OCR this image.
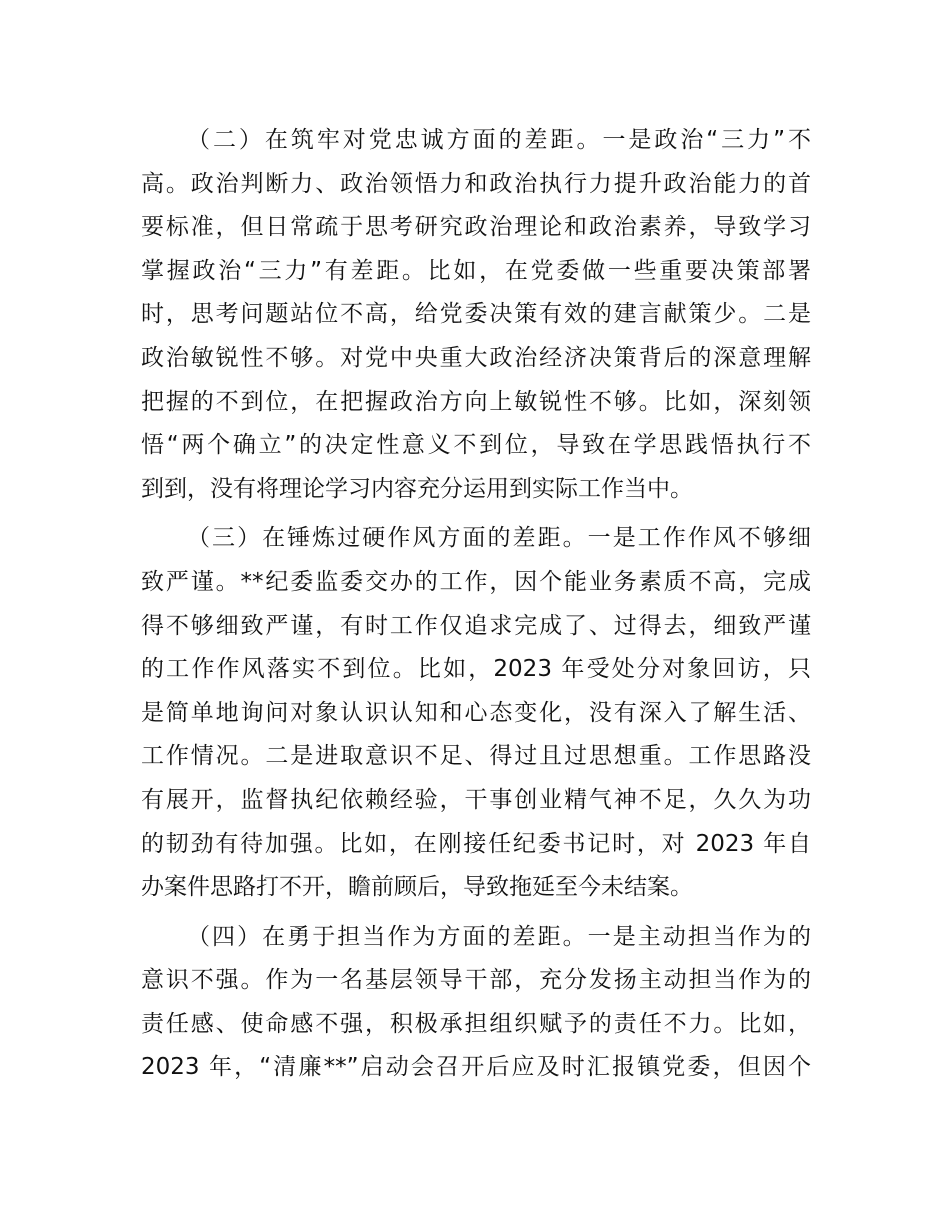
（二）在筑牢对党忠诚方面的差距。一是政治“三力”不
高。政治判断力、政治领悟力和政治执行力提升政治能力的首
要标准，但日常疏于思考研究政治理论和政治素养，导致学习
掌握政治“三力”有差距。比如，在党委做一些重要决策部署
时，思考问题站位不高，给党委决策有效的建言献策少。二是
政治敏锐性不够。对党中央重大政治经济决策背后的深意理解
把握的不到位，在把握政治方向上敏锐性不够。比如，深刻领
悟“两个确立”的决定性意义不到位，导致在学思践悟执行不
到到，没有将理论学习内容充分运用到实际工作当中。
（三）在锤炼过硬作风方面的差距。一是工作作风不够细
致严谨。**纪委监委交办的工作，因个能业务素质不高，完成
得不够细致严谨，有时工作仅追求完成了、过得去，细致严谨
的工作作风落实不到位。比如，2023 年受处分对象回访，只
是简单地询问对象认识认知和心态变化，没有深入了解生活、
工作情况。二是进取意识不足、得过且过思想重。工作思路没
有展开，监督执纪依赖经验，干事创业精气神不足，久久为功
的韧劲有待加强。比如，在刚接任纪委书记时，对 2023 年自
办案件思路打不开，瞻前顾后，导致拖延至今未结案。
（四）在勇于担当作为方面的差距。一是主动担当作为的
意识不强。作为一名基层领导干部，充分发扬主动担当作为的
责任感、使命感不强，积极承担组织赋予的责任不力。比如，
2023 年，“清廉**”启动会召开后应及时汇报镇党委，但因个
